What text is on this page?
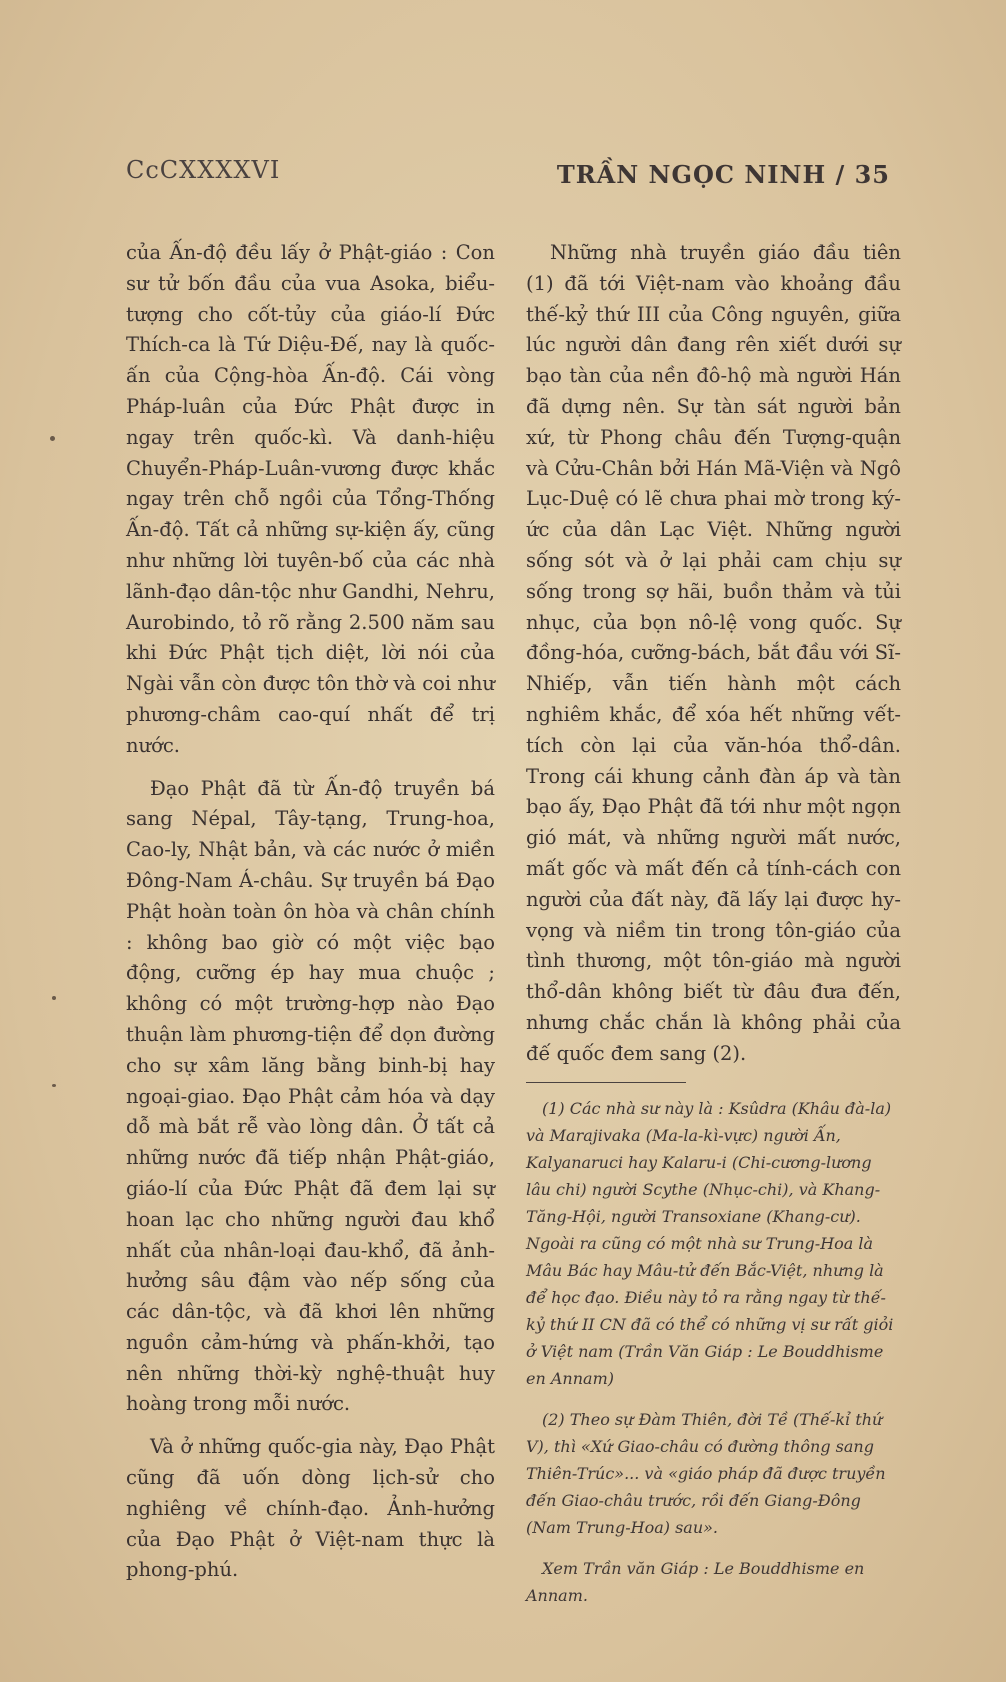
CcCXXXXVI	TRẦN NGỌC NINH / 35

của Ấn-độ đều lấy ở Phật-giáo : Con sư tử bốn đầu của vua Asoka, biểu-tượng cho cốt-tủy của giáo-lí Đức Thích-ca là Tứ Diệu-Đế, nay là quốc-ấn của Cộng-hòa Ấn-độ. Cái vòng Pháp-luân của Đức Phật được in ngay trên quốc-kì. Và danh-hiệu Chuyển-Pháp-Luân-vương được khắc ngay trên chỗ ngồi của Tổng-Thống Ấn-độ. Tất cả những sự-kiện ấy, cũng như những lời tuyên-bố của các nhà lãnh-đạo dân-tộc như Gandhi, Nehru, Aurobindo, tỏ rõ rằng 2.500 năm sau khi Đức Phật tịch diệt, lời nói của Ngài vẫn còn được tôn thờ và coi như phương-châm cao-quí nhất để trị nước.

Đạo Phật đã từ Ấn-độ truyền bá sang Népal, Tây-tạng, Trung-hoa, Cao-ly, Nhật bản, và các nước ở miền Đông-Nam Á-châu. Sự truyền bá Đạo Phật hoàn toàn ôn hòa và chân chính : không bao giờ có một việc bạo động, cưỡng ép hay mua chuộc ; không có một trường-hợp nào Đạo thuận làm phương-tiện để dọn đường cho sự xâm lăng bằng binh-bị hay ngoại-giao. Đạo Phật cảm hóa và dạy dỗ mà bắt rễ vào lòng dân. Ở tất cả những nước đã tiếp nhận Phật-giáo, giáo-lí của Đức Phật đã đem lại sự hoan lạc cho những người đau khổ nhất của nhân-loại đau-khổ, đã ảnh-hưởng sâu đậm vào nếp sống của các dân-tộc, và đã khơi lên những nguồn cảm-hứng và phấn-khởi, tạo nên những thời-kỳ nghệ-thuật huy hoàng trong mỗi nước.

Và ở những quốc-gia này, Đạo Phật cũng đã uốn dòng lịch-sử cho nghiêng về chính-đạo. Ảnh-hưởng của Đạo Phật ở Việt-nam thực là phong-phú.

Những nhà truyền giáo đầu tiên (1) đã tới Việt-nam vào khoảng đầu thế-kỷ thứ III của Công nguyên, giữa lúc người dân đang rên xiết dưới sự bạo tàn của nền đô-hộ mà người Hán đã dựng nên. Sự tàn sát người bản xứ, từ Phong châu đến Tượng-quận và Cửu-Chân bởi Hán Mã-Viện và Ngô Lục-Duệ có lẽ chưa phai mờ trong ký-ức của dân Lạc Việt. Những người sống sót và ở lại phải cam chịu sự sống trong sợ hãi, buồn thảm và tủi nhục, của bọn nô-lệ vong quốc. Sự đồng-hóa, cưỡng-bách, bắt đầu với Sĩ-Nhiếp, vẫn tiến hành một cách nghiêm khắc, để xóa hết những vết-tích còn lại của văn-hóa thổ-dân. Trong cái khung cảnh đàn áp và tàn bạo ấy, Đạo Phật đã tới như một ngọn gió mát, và những người mất nước, mất gốc và mất đến cả tính-cách con người của đất này, đã lấy lại được hy-vọng và niềm tin trong tôn-giáo của tình thương, một tôn-giáo mà người thổ-dân không biết từ đâu đưa đến, nhưng chắc chắn là không phải của đế quốc đem sang (2).

(1) Các nhà sư này là : Ksûdra (Khâu đà-la) và Marajivaka (Ma-la-kì-vực) người Ấn, Kalyanaruci hay Kalaru-i (Chi-cương-lương lâu chi) người Scythe (Nhục-chi), và Khang-Tăng-Hội, người Transoxiane (Khang-cư). Ngoài ra cũng có một nhà sư Trung-Hoa là Mâu Bác hay Mâu-tử đến Bắc-Việt, nhưng là để học đạo. Điều này tỏ ra rằng ngay từ thế-kỷ thứ II CN đã có thể có những vị sư rất giỏi ở Việt nam (Trần Văn Giáp : Le Bouddhisme en Annam)

(2) Theo sự Đàm Thiên, đời Tề (Thế-kỉ thứ V), thì «Xứ Giao-châu có đường thông sang Thiên-Trúc»... và «giáo pháp đã được truyền đến Giao-châu trước, rồi đến Giang-Đông (Nam Trung-Hoa) sau».

Xem Trần văn Giáp : Le Bouddhisme en Annam.
